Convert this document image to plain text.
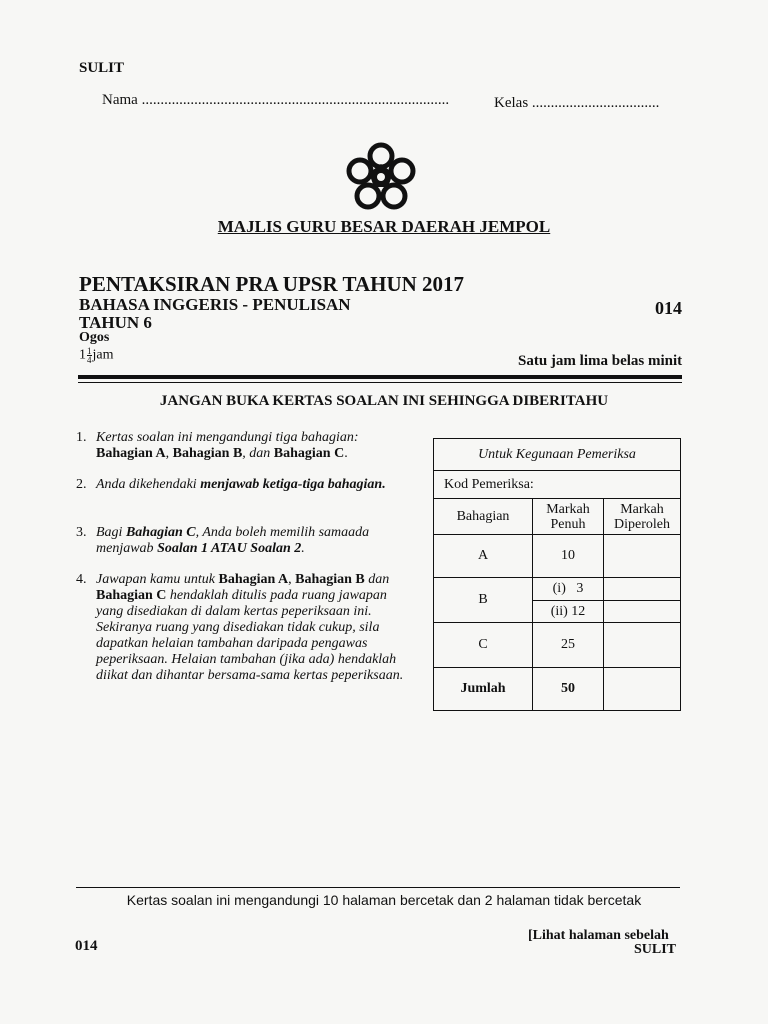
SULIT
Nama ..................................................................................	Kelas ..................................
MAJLIS GURU BESAR DAERAH JEMPOL
PENTAKSIRAN PRA UPSR TAHUN 2017
BAHASA INGGERIS - PENULISAN	014
TAHUN 6
Ogos
$1 \frac{1}{4}$ jam	Satu jam lima belas minit
JANGAN BUKA KERTAS SOALAN INI SEHINGGA DIBERITAHU
1. Kertas soalan ini mengandungi tiga bahagian:
Bahagian A, Bahagian B, dan Bahagian C.
2. Anda dikehendaki menjawab ketiga-tiga bahagian.
3. Bagi Bahagian C, Anda boleh memilih samaada menjawab Soalan 1 ATAU Soalan 2.
4. Jawapan kamu untuk Bahagian A, Bahagian B dan Bahagian C hendaklah ditulis pada ruang jawapan yang disediakan di dalam kertas peperiksaan ini. Sekiranya ruang yang disediakan tidak cukup, sila dapatkan helaian tambahan daripada pengawas peperiksaan. Helaian tambahan (jika ada) hendaklah diikat dan dihantar bersama-sama kertas peperiksaan.
Untuk Kegunaan Pemeriksa		
Kod Pemeriksa:		
Bahagian	Markah Penuh	Markah Diperoleh
A	10	
B	(i)   3	
	(ii) 12	
C	25	
Jumlah	50	
Kertas soalan ini mengandungi 10 halaman bercetak dan 2 halaman tidak bercetak
014
[Lihat halaman sebelah
SULIT
